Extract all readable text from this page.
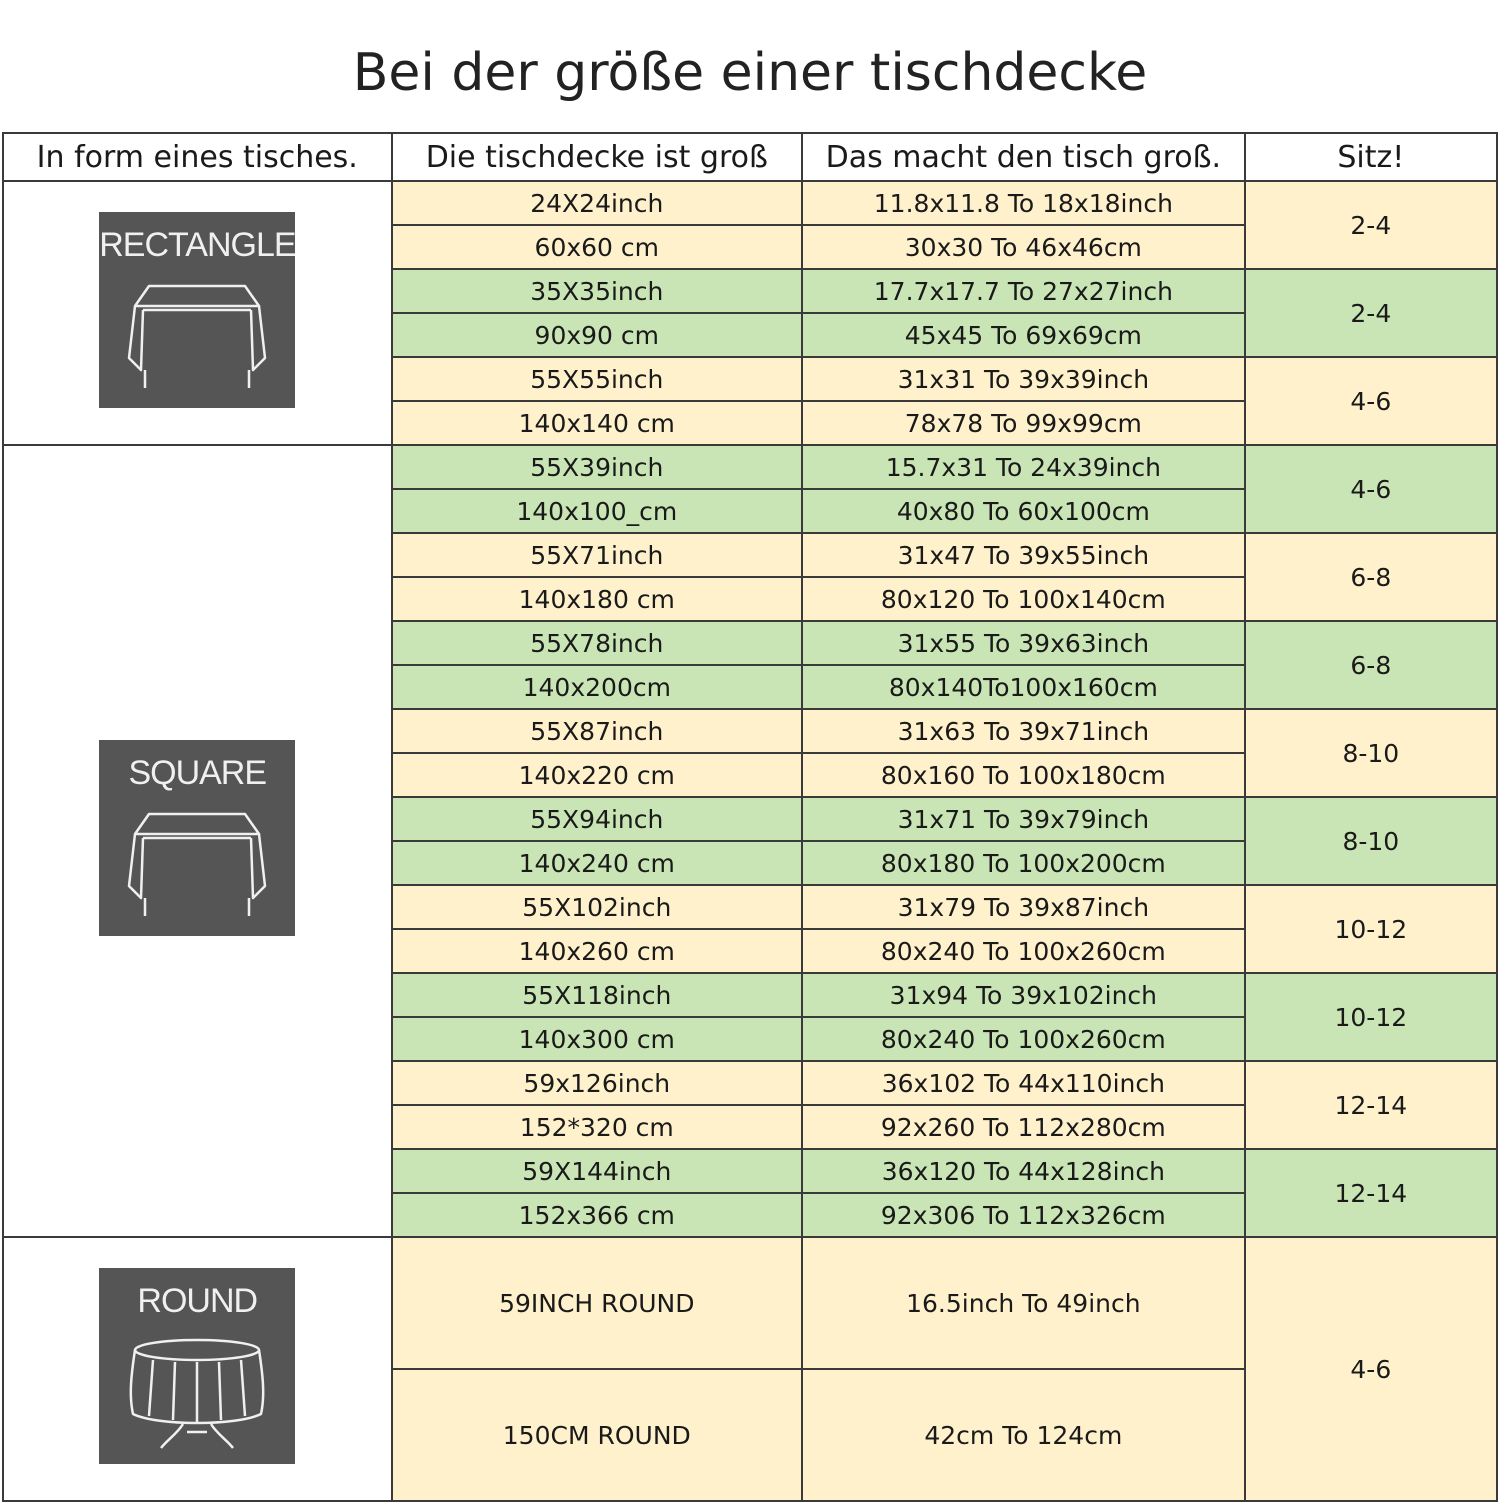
Bei der größe einer tischdecke
In form eines tisches.	Die tischdecke ist groß	Das macht den tisch groß.	Sitz!

RECTANGLE	24X24inch	11.8x11.8 To 18x18inch	2-4
	60x60 cm	30x30 To 46x46cm	
	35X35inch	17.7x17.7 To 27x27inch	2-4
	90x90 cm	45x45 To 69x69cm	
	55X55inch	31x31 To 39x39inch	4-6
	140x140 cm	78x78 To 99x99cm	

SQUARE	55X39inch	15.7x31 To 24x39inch	4-6
	140x100_cm	40x80 To 60x100cm	
	55X71inch	31x47 To 39x55inch	6-8
	140x180 cm	80x120 To 100x140cm	
	55X78inch	31x55 To 39x63inch	6-8
	140x200cm	80x140To100x160cm	
	55X87inch	31x63 To 39x71inch	8-10
	140x220 cm	80x160 To 100x180cm	
	55X94inch	31x71 To 39x79inch	8-10
	140x240 cm	80x180 To 100x200cm	
	55X102inch	31x79 To 39x87inch	10-12
	140x260 cm	80x240 To 100x260cm	
	55X118inch	31x94 To 39x102inch	10-12
	140x300 cm	80x240 To 100x260cm	
	59x126inch	36x102 To 44x110inch	12-14
	152*320 cm	92x260 To 112x280cm	
	59X144inch	36x120 To 44x128inch	12-14
	152x366 cm	92x306 To 112x326cm	

ROUND	59INCH ROUND	16.5inch To 49inch	4-6
	150CM ROUND	42cm To 124cm	
